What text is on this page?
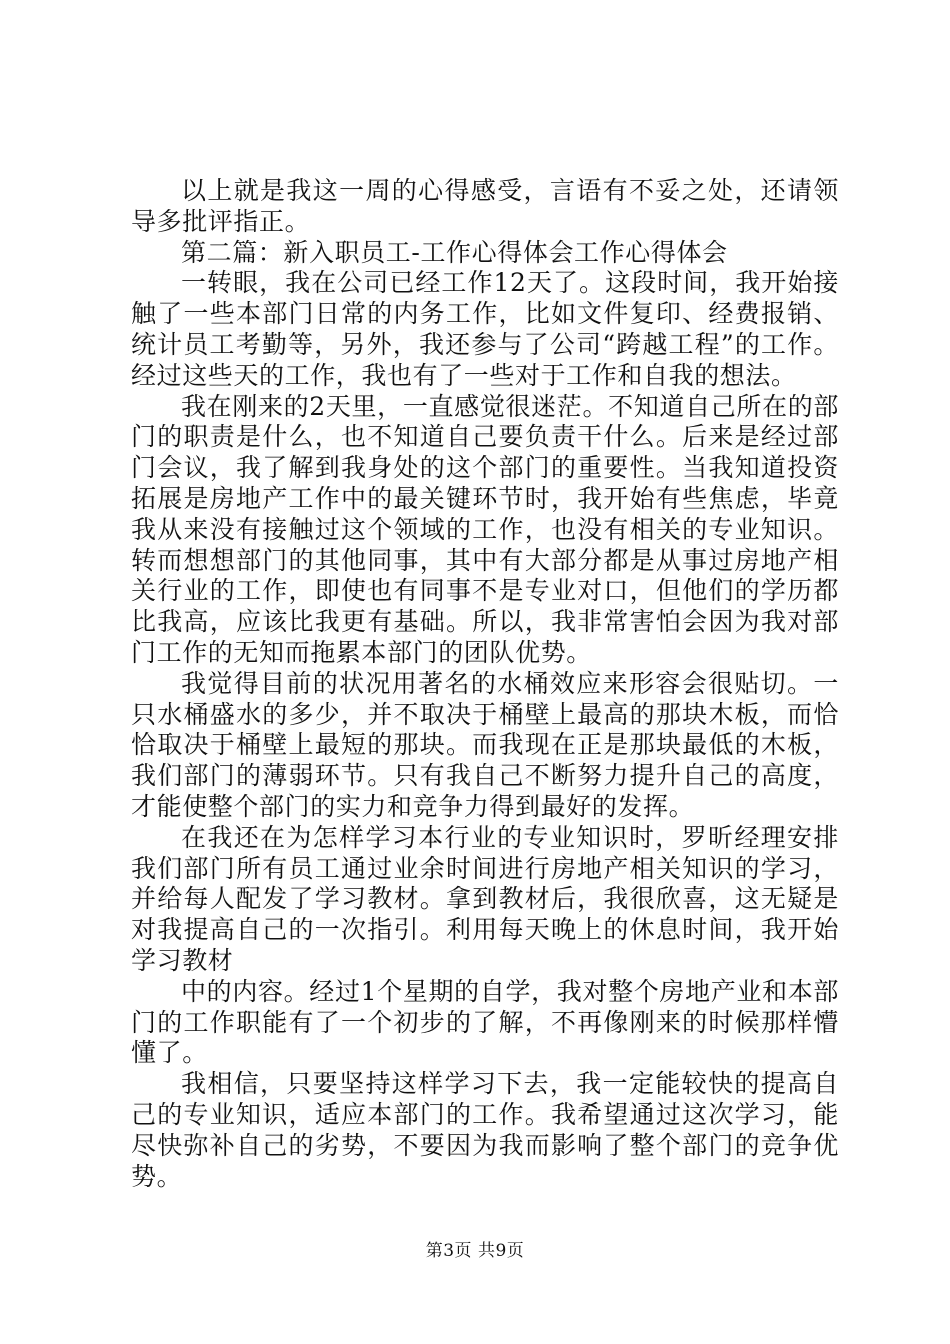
以上就是我这一周的心得感受，言语有不妥之处，还请领导多批评指正。

第二篇：新入职员工-工作心得体会工作心得体会

一转眼，我在公司已经工作12天了。这段时间，我开始接触了一些本部门日常的内务工作，比如文件复印、经费报销、统计员工考勤等，另外，我还参与了公司“跨越工程”的工作。经过这些天的工作，我也有了一些对于工作和自我的想法。

我在刚来的2天里，一直感觉很迷茫。不知道自己所在的部门的职责是什么，也不知道自己要负责干什么。后来是经过部门会议，我了解到我身处的这个部门的重要性。当我知道投资拓展是房地产工作中的最关键环节时，我开始有些焦虑，毕竟我从来没有接触过这个领域的工作，也没有相关的专业知识。转而想想部门的其他同事，其中有大部分都是从事过房地产相关行业的工作，即使也有同事不是专业对口，但他们的学历都比我高，应该比我更有基础。所以，我非常害怕会因为我对部门工作的无知而拖累本部门的团队优势。

我觉得目前的状况用著名的水桶效应来形容会很贴切。一只水桶盛水的多少，并不取决于桶壁上最高的那块木板，而恰恰取决于桶壁上最短的那块。而我现在正是那块最低的木板，我们部门的薄弱环节。只有我自己不断努力提升自己的高度，才能使整个部门的实力和竞争力得到最好的发挥。

在我还在为怎样学习本行业的专业知识时，罗昕经理安排我们部门所有员工通过业余时间进行房地产相关知识的学习，并给每人配发了学习教材。拿到教材后，我很欣喜，这无疑是对我提高自己的一次指引。利用每天晚上的休息时间，我开始学习教材

中的内容。经过1个星期的自学，我对整个房地产业和本部门的工作职能有了一个初步的了解，不再像刚来的时候那样懵懂了。

我相信，只要坚持这样学习下去，我一定能较快的提高自己的专业知识，适应本部门的工作。我希望通过这次学习，能尽快弥补自己的劣势，不要因为我而影响了整个部门的竞争优势。

第3页 共9页
